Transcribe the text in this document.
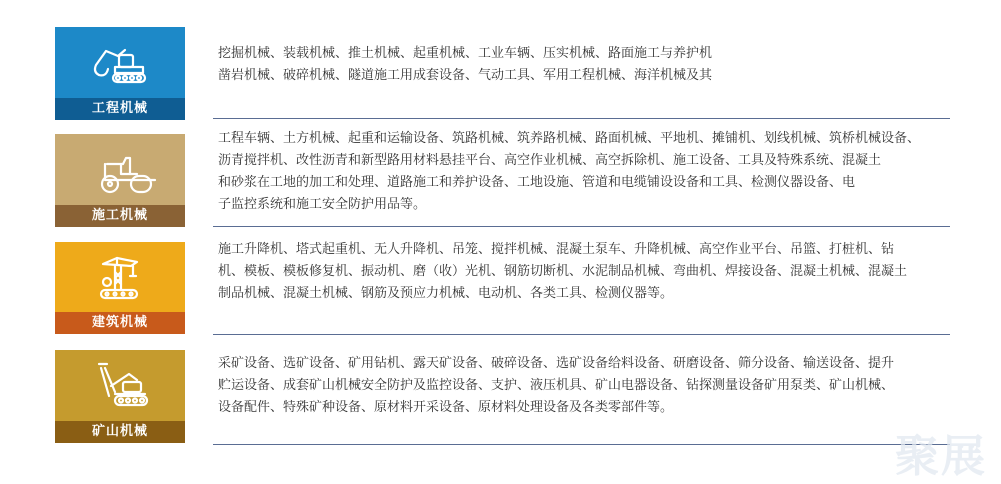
工程机械
挖掘机械、装载机械、推土机械、起重机械、工业车辆、压实机械、路面施工与养护机
凿岩机械、破碎机械、隧道施工用成套设备、气动工具、军用工程机械、海洋机械及其
施工机械
工程车辆、土方机械、起重和运输设备、筑路机械、筑养路机械、路面机械、平地机、摊铺机、划线机械、筑桥机械设备、
沥青搅拌机、改性沥青和新型路用材料悬挂平台、高空作业机械、高空拆除机、施工设备、工具及特殊系统、混凝土
和砂浆在工地的加工和处理、道路施工和养护设备、工地设施、管道和电缆铺设设备和工具、检测仪器设备、电
子监控系统和施工安全防护用品等。
建筑机械
施工升降机、塔式起重机、无人升降机、吊笼、搅拌机械、混凝土泵车、升降机械、高空作业平台、吊篮、打桩机、钻
机、模板、模板修复机、振动机、磨（收）光机、钢筋切断机、水泥制品机械、弯曲机、焊接设备、混凝土机械、混凝土
制品机械、混凝土机械、钢筋及预应力机械、电动机、各类工具、检测仪器等。
矿山机械
采矿设备、选矿设备、矿用钻机、露天矿设备、破碎设备、选矿设备给料设备、研磨设备、筛分设备、输送设备、提升
贮运设备、成套矿山机械安全防护及监控设备、支护、液压机具、矿山电器设备、钻探测量设备矿用泵类、矿山机械、
设备配件、特殊矿种设备、原材料开采设备、原材料处理设备及各类零部件等。
聚展
